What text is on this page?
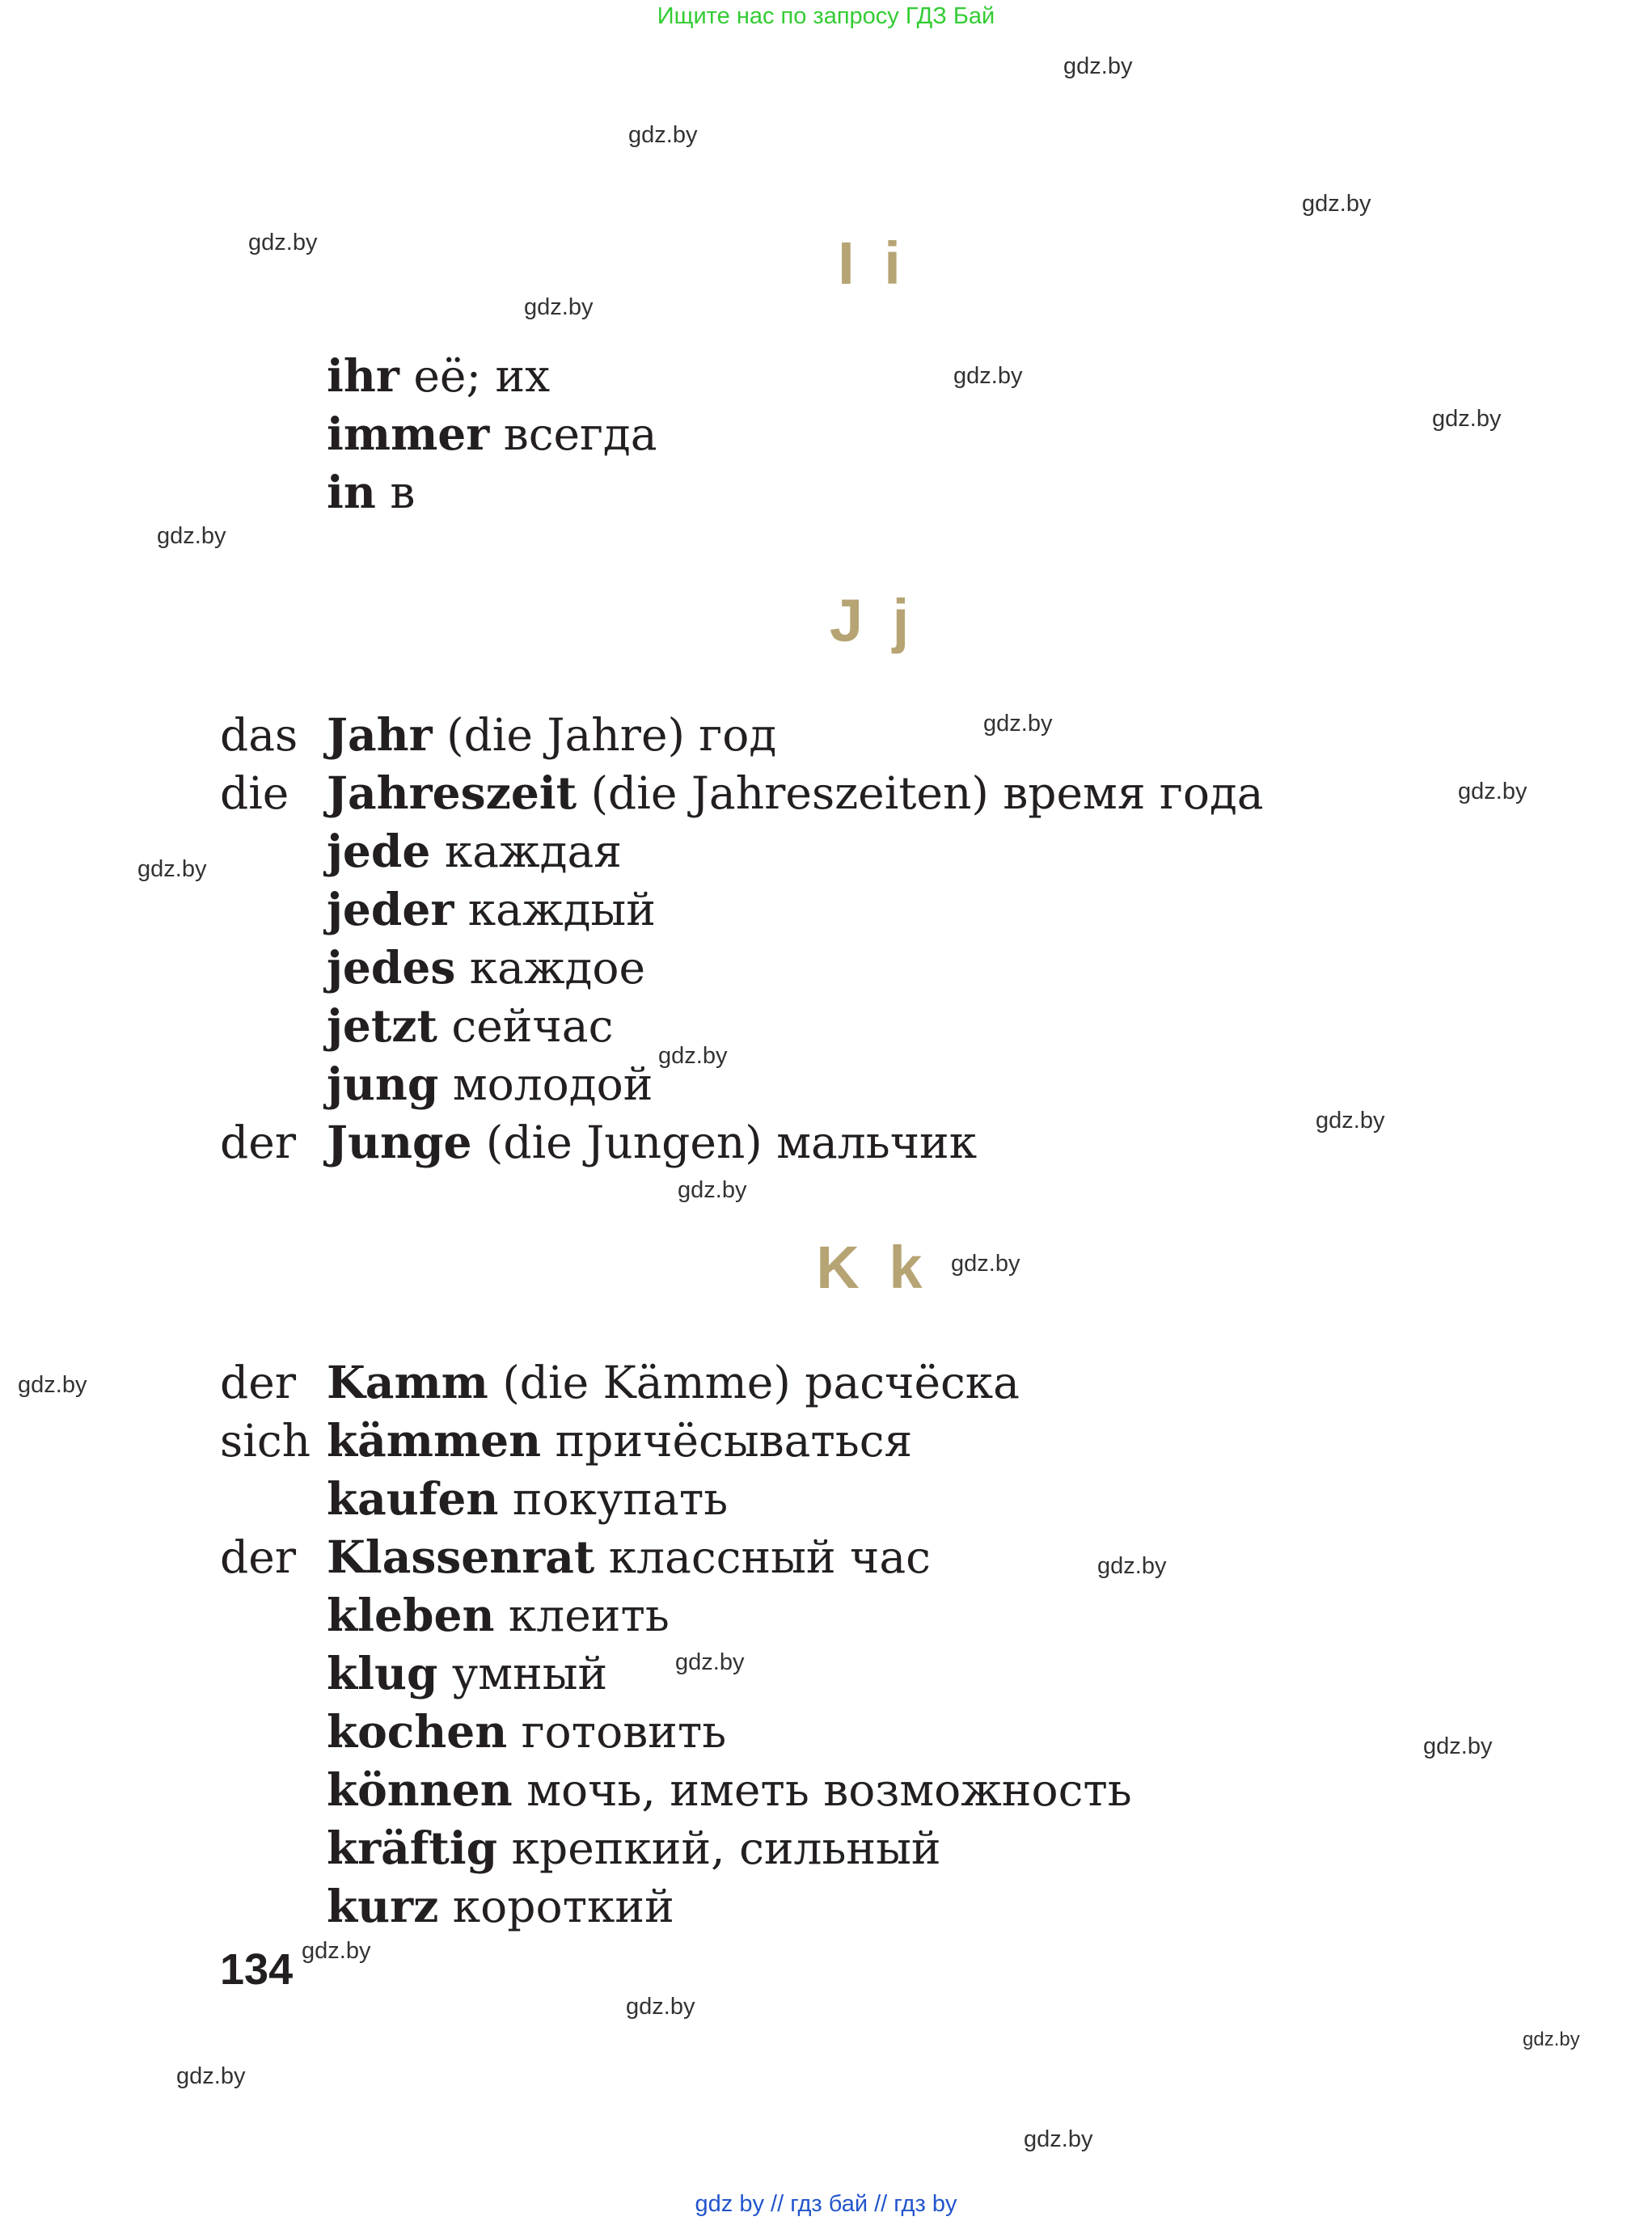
Ищите нас по запросу ГДЗ Бай
I i
J j
K k
ihr её; их
immer всегда
in в
das Jahr (die Jahre) год
die Jahreszeit (die Jahreszeiten) время года
jede каждая
jeder каждый
jedes каждое
jetzt сейчас
jung молодой
der Junge (die Jungen) мальчик
der Kamm (die Kämme) расчёска
sich kämmen причёсываться
kaufen покупать
der Klassenrat классный час
kleben клеить
klug умный
kochen готовить
können мочь, иметь возможность
kräftig крепкий, сильный
kurz короткий
134
gdz.by
gdz.by
gdz.by
gdz.by
gdz.by
gdz.by
gdz.by
gdz.by
gdz.by
gdz.by
gdz.by
gdz.by
gdz.by
gdz.by
gdz.by
gdz.by
gdz.by
gdz.by
gdz.by
gdz.by
gdz.by
gdz.by
gdz.by
gdz.by
gdz by // гдз бай // гдз by
